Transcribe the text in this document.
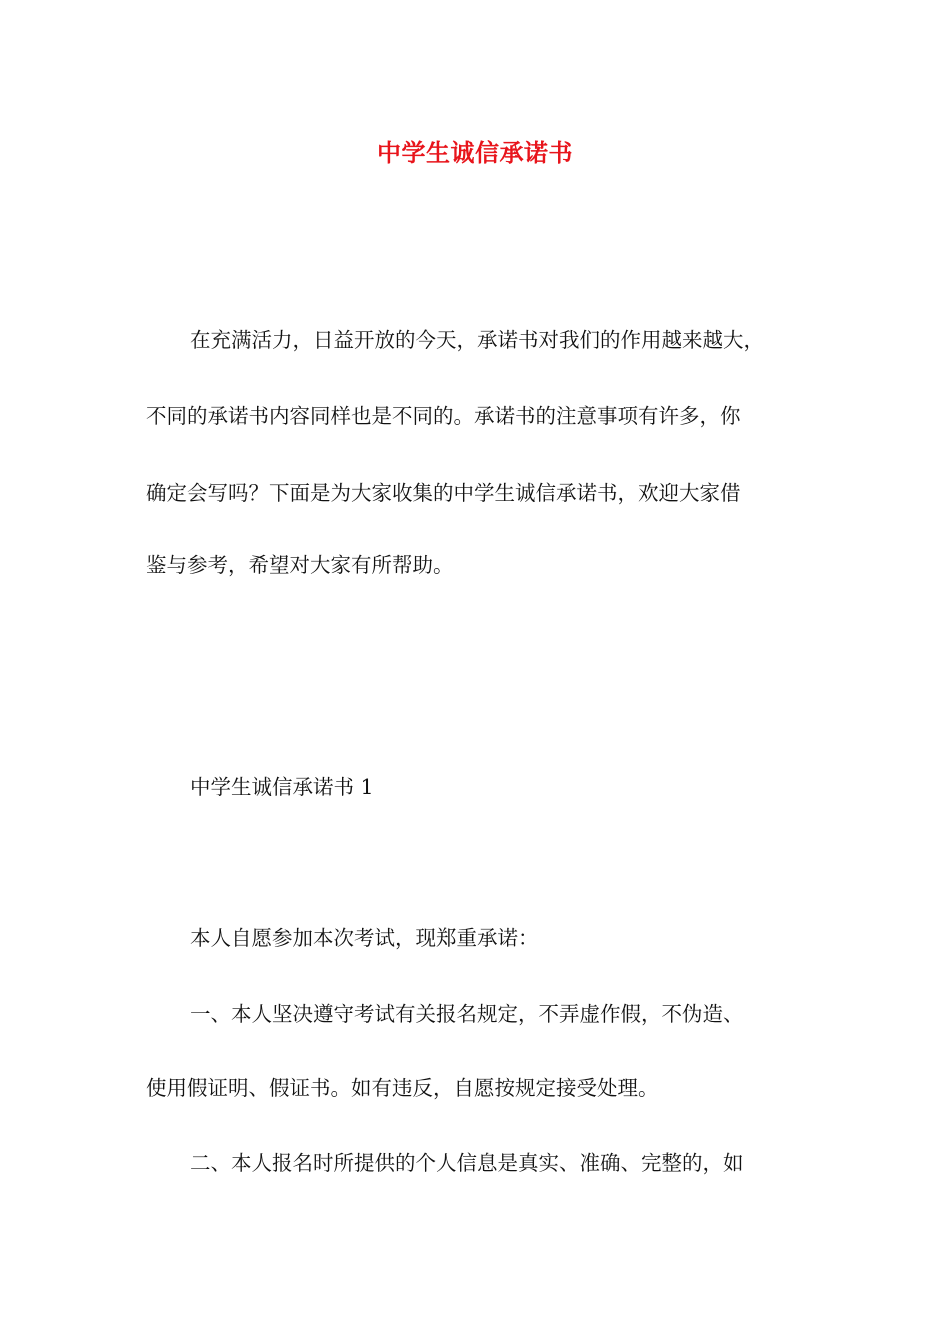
中学生诚信承诺书

在充满活力，日益开放的今天，承诺书对我们的作用越来越大，

不同的承诺书内容同样也是不同的。承诺书的注意事项有许多，你

确定会写吗？下面是为大家收集的中学生诚信承诺书，欢迎大家借

鉴与参考，希望对大家有所帮助。

中学生诚信承诺书 1

本人自愿参加本次考试，现郑重承诺：

一、本人坚决遵守考试有关报名规定，不弄虚作假，不伪造、

使用假证明、假证书。如有违反，自愿按规定接受处理。

二、本人报名时所提供的个人信息是真实、准确、完整的，如
